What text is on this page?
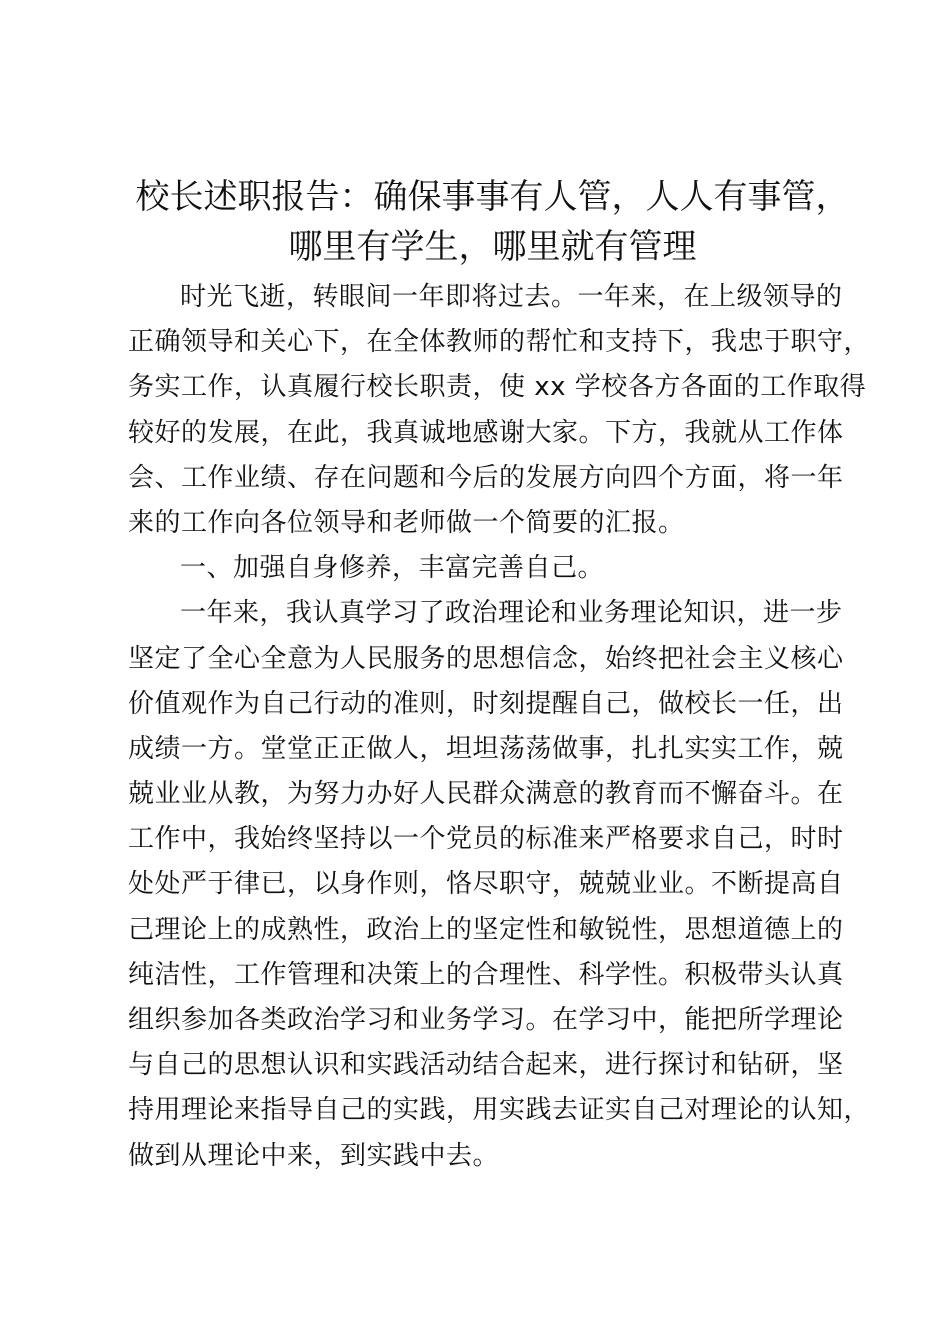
校长述职报告：确保事事有人管，人人有事管，
哪里有学生，哪里就有管理
时光飞逝，转眼间一年即将过去。一年来，在上级领导的
正确领导和关心下，在全体教师的帮忙和支持下，我忠于职守，
务实工作，认真履行校长职责，使 xx 学校各方各面的工作取得
较好的发展，在此，我真诚地感谢大家。下方，我就从工作体
会、工作业绩、存在问题和今后的发展方向四个方面，将一年
来的工作向各位领导和老师做一个简要的汇报。
一、加强自身修养，丰富完善自己。
一年来，我认真学习了政治理论和业务理论知识，进一步
坚定了全心全意为人民服务的思想信念，始终把社会主义核心
价值观作为自己行动的准则，时刻提醒自己，做校长一任，出
成绩一方。堂堂正正做人，坦坦荡荡做事，扎扎实实工作，兢
兢业业从教，为努力办好人民群众满意的教育而不懈奋斗。在
工作中，我始终坚持以一个党员的标准来严格要求自己，时时
处处严于律已，以身作则，恪尽职守，兢兢业业。不断提高自
己理论上的成熟性，政治上的坚定性和敏锐性，思想道德上的
纯洁性，工作管理和决策上的合理性、科学性。积极带头认真
组织参加各类政治学习和业务学习。在学习中，能把所学理论
与自己的思想认识和实践活动结合起来，进行探讨和钻研，坚
持用理论来指导自己的实践，用实践去证实自己对理论的认知，
做到从理论中来，到实践中去。
